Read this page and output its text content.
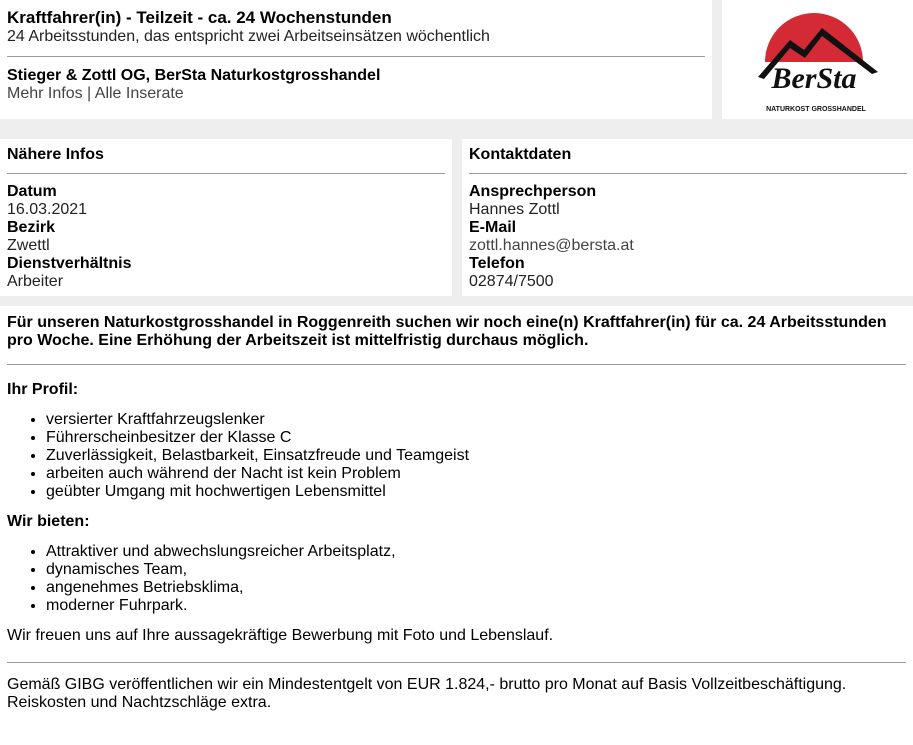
Kraftfahrer(in) - Teilzeit - ca. 24 Wochenstunden
24 Arbeitsstunden, das entspricht zwei Arbeitseinsätzen wöchentlich
Stieger & Zottl OG, BerSta Naturkostgrosshandel
Mehr Infos | Alle Inserate	BerSta
NATURKOST GROSSHANDEL
Nähere Infos
Datum
16.03.2021
Bezirk
Zwettl
Dienstverhältnis
Arbeiter
Kontaktdaten
Ansprechperson
Hannes Zottl
E-Mail
zottl.hannes@bersta.at
Telefon
02874/7500

Für unseren Naturkostgrosshandel in Roggenreith suchen wir noch eine(n) Kraftfahrer(in) für ca. 24 Arbeitsstunden pro Woche. Eine Erhöhung der Arbeitszeit ist mittelfristig durchaus möglich.

Ihr Profil:

• versierter Kraftfahrzeugslenker
• Führerscheinbesitzer der Klasse C
• Zuverlässigkeit, Belastbarkeit, Einsatzfreude und Teamgeist
• arbeiten auch während der Nacht ist kein Problem
• geübter Umgang mit hochwertigen Lebensmittel

Wir bieten:

• Attraktiver und abwechslungsreicher Arbeitsplatz,
• dynamisches Team,
• angenehmes Betriebsklima,
• moderner Fuhrpark.

Wir freuen uns auf Ihre aussagekräftige Bewerbung mit Foto und Lebenslauf.

Gemäß GIBG veröffentlichen wir ein Mindestentgelt von EUR 1.824,- brutto pro Monat auf Basis Vollzeitbeschäftigung. Reiskosten und Nachtzschläge extra.
